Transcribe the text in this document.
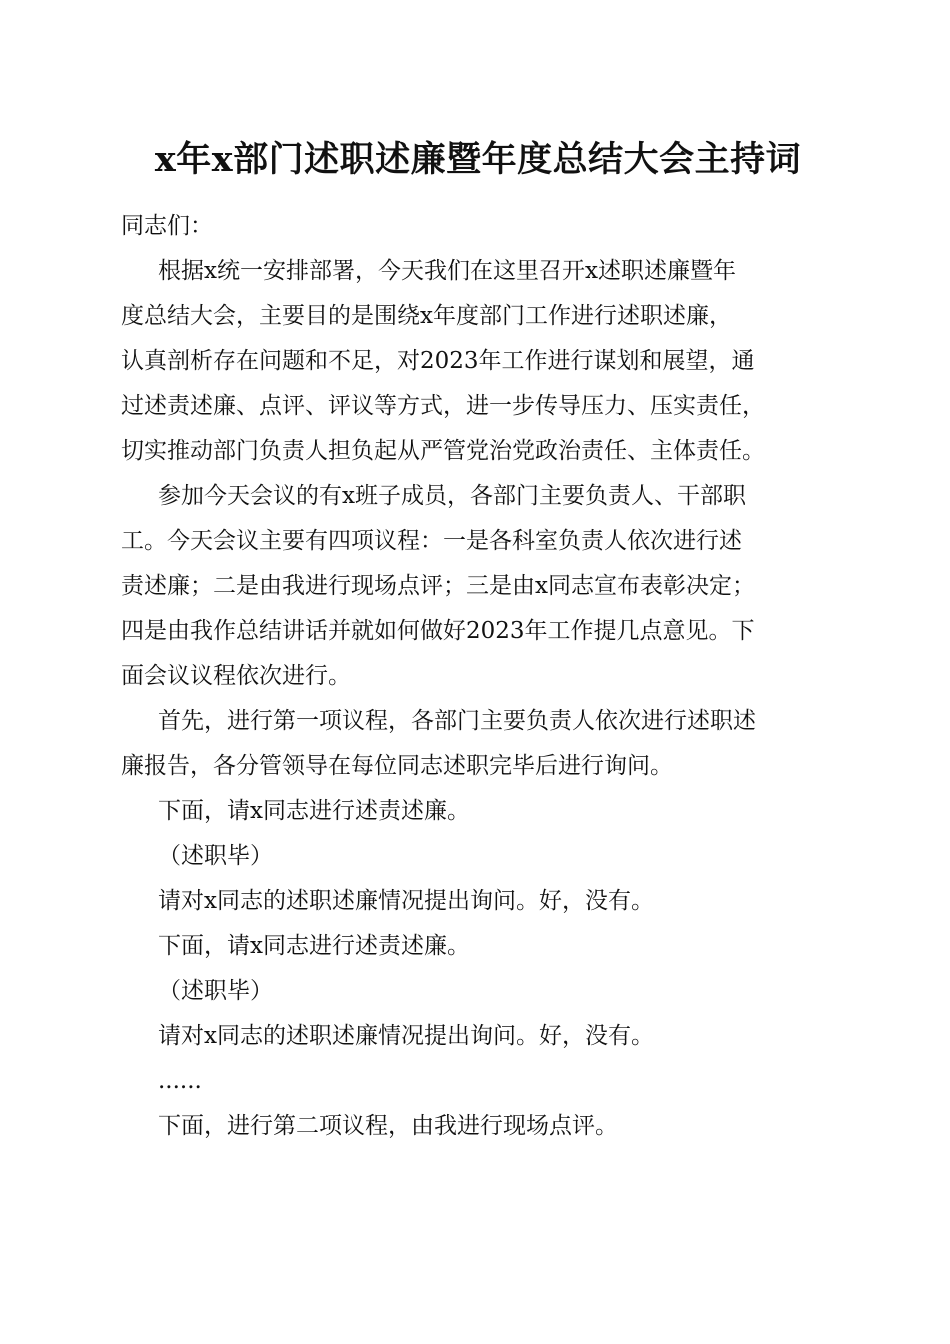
x年x部门述职述廉暨年度总结大会主持词
同志们：
根据x统一安排部署，今天我们在这里召开x述职述廉暨年
度总结大会，主要目的是围绕x年度部门工作进行述职述廉，
认真剖析存在问题和不足，对2023年工作进行谋划和展望，通
过述责述廉、点评、评议等方式，进一步传导压力、压实责任，
切实推动部门负责人担负起从严管党治党政治责任、主体责任。
参加今天会议的有x班子成员，各部门主要负责人、干部职
工。今天会议主要有四项议程：一是各科室负责人依次进行述
责述廉；二是由我进行现场点评；三是由x同志宣布表彰决定；
四是由我作总结讲话并就如何做好2023年工作提几点意见。下
面会议议程依次进行。
首先，进行第一项议程，各部门主要负责人依次进行述职述
廉报告，各分管领导在每位同志述职完毕后进行询问。
下面，请x同志进行述责述廉。
（述职毕）
请对x同志的述职述廉情况提出询问。好，没有。
下面，请x同志进行述责述廉。
（述职毕）
请对x同志的述职述廉情况提出询问。好，没有。
......
下面，进行第二项议程，由我进行现场点评。
